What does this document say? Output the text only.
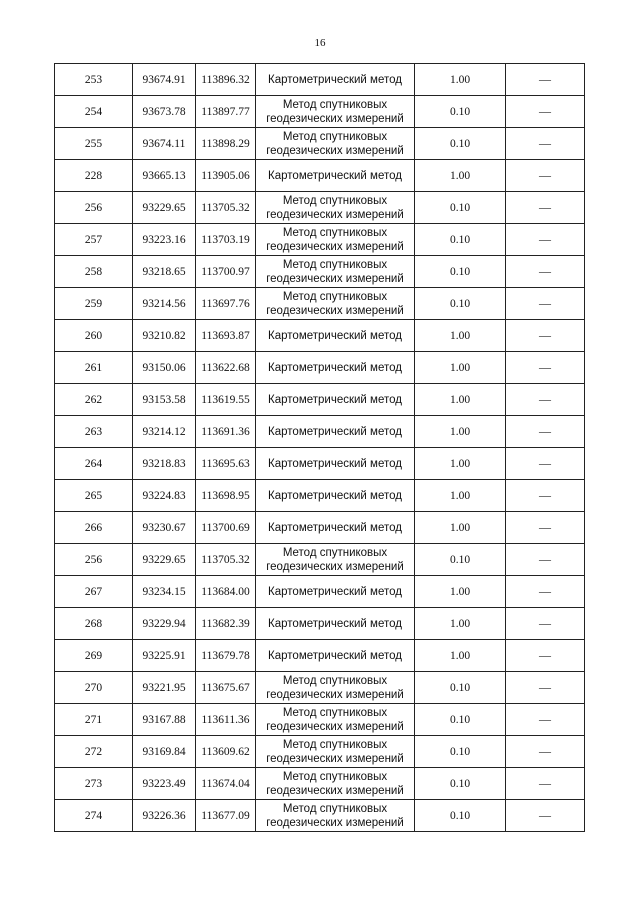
16
253	93674.91	113896.32	Картометрический метод	1.00	—
254	93673.78	113897.77	Метод спутниковых геодезических измерений	0.10	—
255	93674.11	113898.29	Метод спутниковых геодезических измерений	0.10	—
228	93665.13	113905.06	Картометрический метод	1.00	—
256	93229.65	113705.32	Метод спутниковых геодезических измерений	0.10	—
257	93223.16	113703.19	Метод спутниковых геодезических измерений	0.10	—
258	93218.65	113700.97	Метод спутниковых геодезических измерений	0.10	—
259	93214.56	113697.76	Метод спутниковых геодезических измерений	0.10	—
260	93210.82	113693.87	Картометрический метод	1.00	—
261	93150.06	113622.68	Картометрический метод	1.00	—
262	93153.58	113619.55	Картометрический метод	1.00	—
263	93214.12	113691.36	Картометрический метод	1.00	—
264	93218.83	113695.63	Картометрический метод	1.00	—
265	93224.83	113698.95	Картометрический метод	1.00	—
266	93230.67	113700.69	Картометрический метод	1.00	—
256	93229.65	113705.32	Метод спутниковых геодезических измерений	0.10	—
267	93234.15	113684.00	Картометрический метод	1.00	—
268	93229.94	113682.39	Картометрический метод	1.00	—
269	93225.91	113679.78	Картометрический метод	1.00	—
270	93221.95	113675.67	Метод спутниковых геодезических измерений	0.10	—
271	93167.88	113611.36	Метод спутниковых геодезических измерений	0.10	—
272	93169.84	113609.62	Метод спутниковых геодезических измерений	0.10	—
273	93223.49	113674.04	Метод спутниковых геодезических измерений	0.10	—
274	93226.36	113677.09	Метод спутниковых геодезических измерений	0.10	—
